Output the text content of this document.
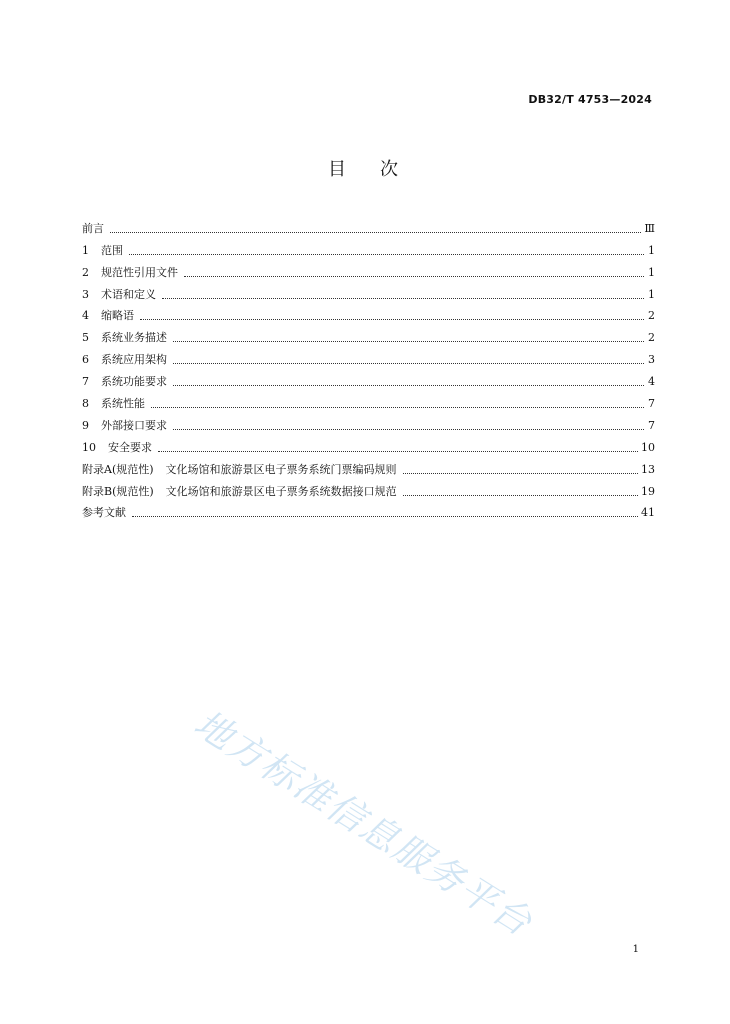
DB32/T 4753—2024
目次
前言	Ⅲ
1 范围	1
2 规范性引用文件	1
3 术语和定义	1
4 缩略语	2
5 系统业务描述	2
6 系统应用架构	3
7 系统功能要求	4
8 系统性能	7
9 外部接口要求	7
10 安全要求	10
附录A(规范性) 文化场馆和旅游景区电子票务系统门票编码规则	13
附录B(规范性) 文化场馆和旅游景区电子票务系统数据接口规范	19
参考文献	41
地方标准信息服务平台
1
